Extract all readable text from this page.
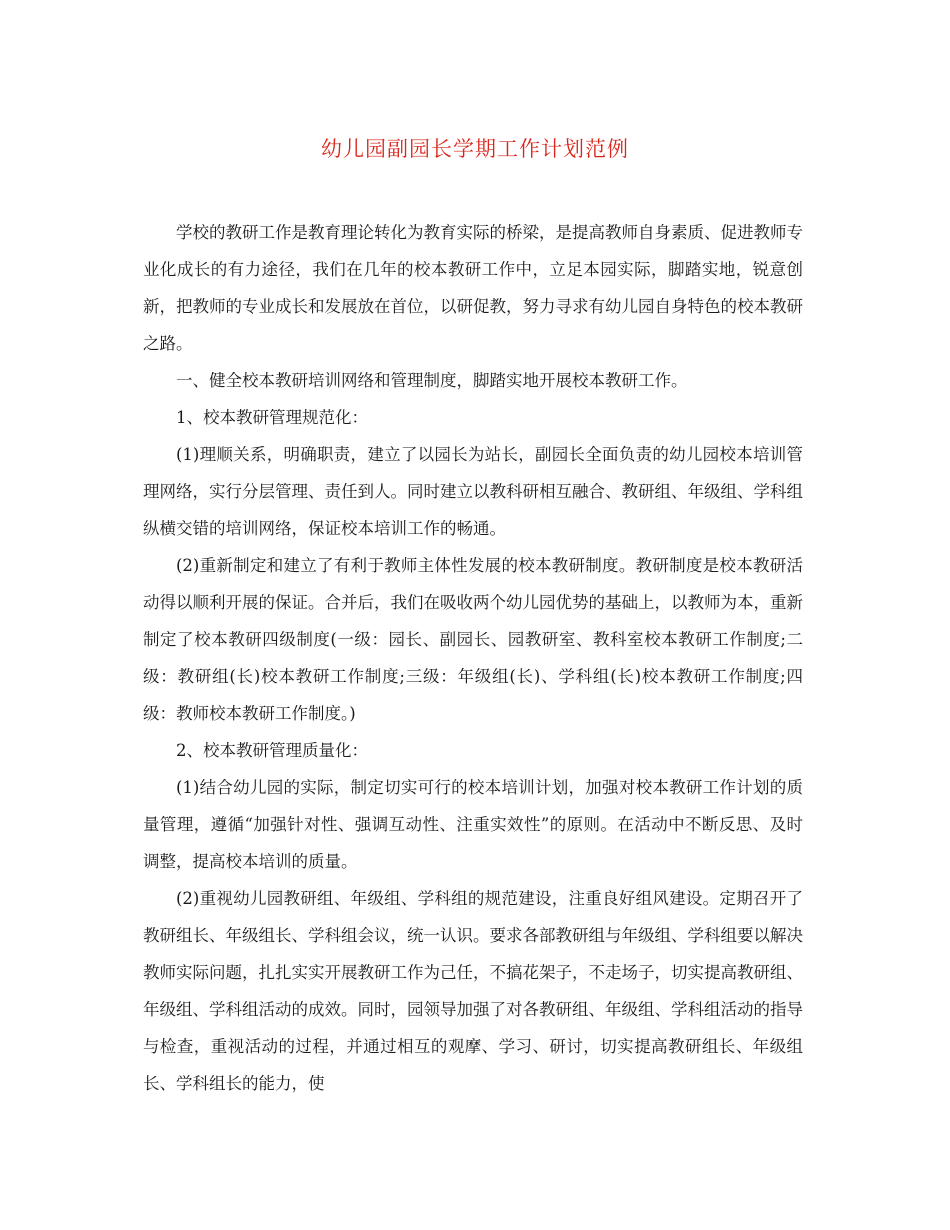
幼儿园副园长学期工作计划范例

学校的教研工作是教育理论转化为教育实际的桥梁，是提高教师自身素质、促进教师专业化成长的有力途径，我们在几年的校本教研工作中，立足本园实际，脚踏实地，锐意创新，把教师的专业成长和发展放在首位，以研促教，努力寻求有幼儿园自身特色的校本教研之路。

一、健全校本教研培训网络和管理制度，脚踏实地开展校本教研工作。

1、校本教研管理规范化：

(1)理顺关系，明确职责，建立了以园长为站长，副园长全面负责的幼儿园校本培训管理网络，实行分层管理、责任到人。同时建立以教科研相互融合、教研组、年级组、学科组纵横交错的培训网络，保证校本培训工作的畅通。

(2)重新制定和建立了有利于教师主体性发展的校本教研制度。教研制度是校本教研活动得以顺利开展的保证。合并后，我们在吸收两个幼儿园优势的基础上，以教师为本，重新制定了校本教研四级制度(一级：园长、副园长、园教研室、教科室校本教研工作制度;二级：教研组(长)校本教研工作制度;三级：年级组(长)、学科组(长)校本教研工作制度;四级：教师校本教研工作制度。)

2、校本教研管理质量化：

(1)结合幼儿园的实际，制定切实可行的校本培训计划，加强对校本教研工作计划的质量管理，遵循“加强针对性、强调互动性、注重实效性”的原则。在活动中不断反思、及时调整，提高校本培训的质量。

(2)重视幼儿园教研组、年级组、学科组的规范建设，注重良好组风建设。定期召开了教研组长、年级组长、学科组会议，统一认识。要求各部教研组与年级组、学科组要以解决教师实际问题，扎扎实实开展教研工作为己任，不搞花架子，不走场子，切实提高教研组、年级组、学科组活动的成效。同时，园领导加强了对各教研组、年级组、学科组活动的指导与检查，重视活动的过程，并通过相互的观摩、学习、研讨，切实提高教研组长、年级组长、学科组长的能力，使
